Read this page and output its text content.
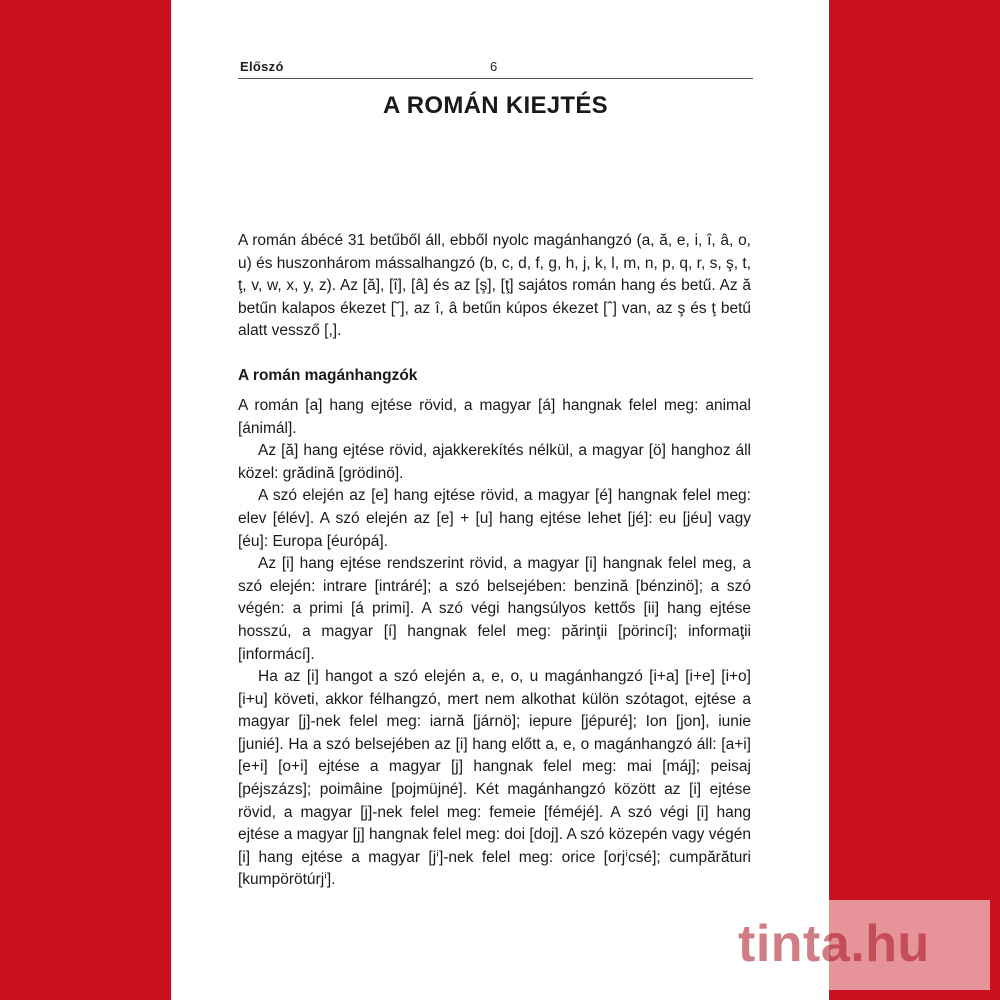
Előszó	6
A ROMÁN KIEJTÉS

A román ábécé 31 betűből áll, ebből nyolc magánhangzó (a, ă, e, i, î, â, o, u) és huszonhárom mássalhangzó (b, c, d, f, g, h, j, k, l, m, n, p, q, r, s, ş, t, ţ, v, w, x, y, z). Az [ă], [î], [â] és az [ş], [ţ] sajátos román hang és betű. Az ă betűn kalapos ékezet [˘], az î, â betűn kúpos ékezet [ˆ] van, az ş és ţ betű alatt vessző [,].

A román magánhangzók

A román [a] hang ejtése rövid, a magyar [á] hangnak felel meg: animal [ánimál].

Az [ă] hang ejtése rövid, ajakkerekítés nélkül, a magyar [ö] hanghoz áll közel: grădină [grödinö].

A szó elején az [e] hang ejtése rövid, a magyar [é] hangnak felel meg: elev [élév]. A szó elején az [e] + [u] hang ejtése lehet [jé]: eu [jéu] vagy [éu]: Europa [éurópá].

Az [i] hang ejtése rendszerint rövid, a magyar [i] hangnak felel meg, a szó elején: intrare [intráré]; a szó belsejében: benzină [bénzinö]; a szó végén: a primi [á primi]. A szó végi hangsúlyos kettős [ii] hang ejtése hosszú, a magyar [í] hangnak felel meg: părinţii [pörincí]; informaţii [informácí].

Ha az [i] hangot a szó elején a, e, o, u magánhangzó [i+a] [i+e] [i+o] [i+u] követi, akkor félhangzó, mert nem alkothat külön szótagot, ejtése a magyar [j]-nek felel meg: iarnă [járnö]; iepure [jépuré]; Ion [jon], iunie [junié]. Ha a szó belsejében az [i] hang előtt a, e, o magánhangzó áll: [a+i] [e+i] [o+i] ejtése a magyar [j] hangnak felel meg: mai [máj]; peisaj [péjszázs]; poimâine [pojmüjné]. Két magánhangzó között az [i] ejtése rövid, a magyar [j]-nek felel meg: femeie [féméjé]. A szó végi [i] hang ejtése a magyar [j] hangnak felel meg: doi [doj]. A szó közepén vagy végén [i] hang ejtése a magyar [jⁱ]-nek felel meg: orice [orjⁱcsé]; cumpărături [kumpörötúrjⁱ].

tinta.hu
